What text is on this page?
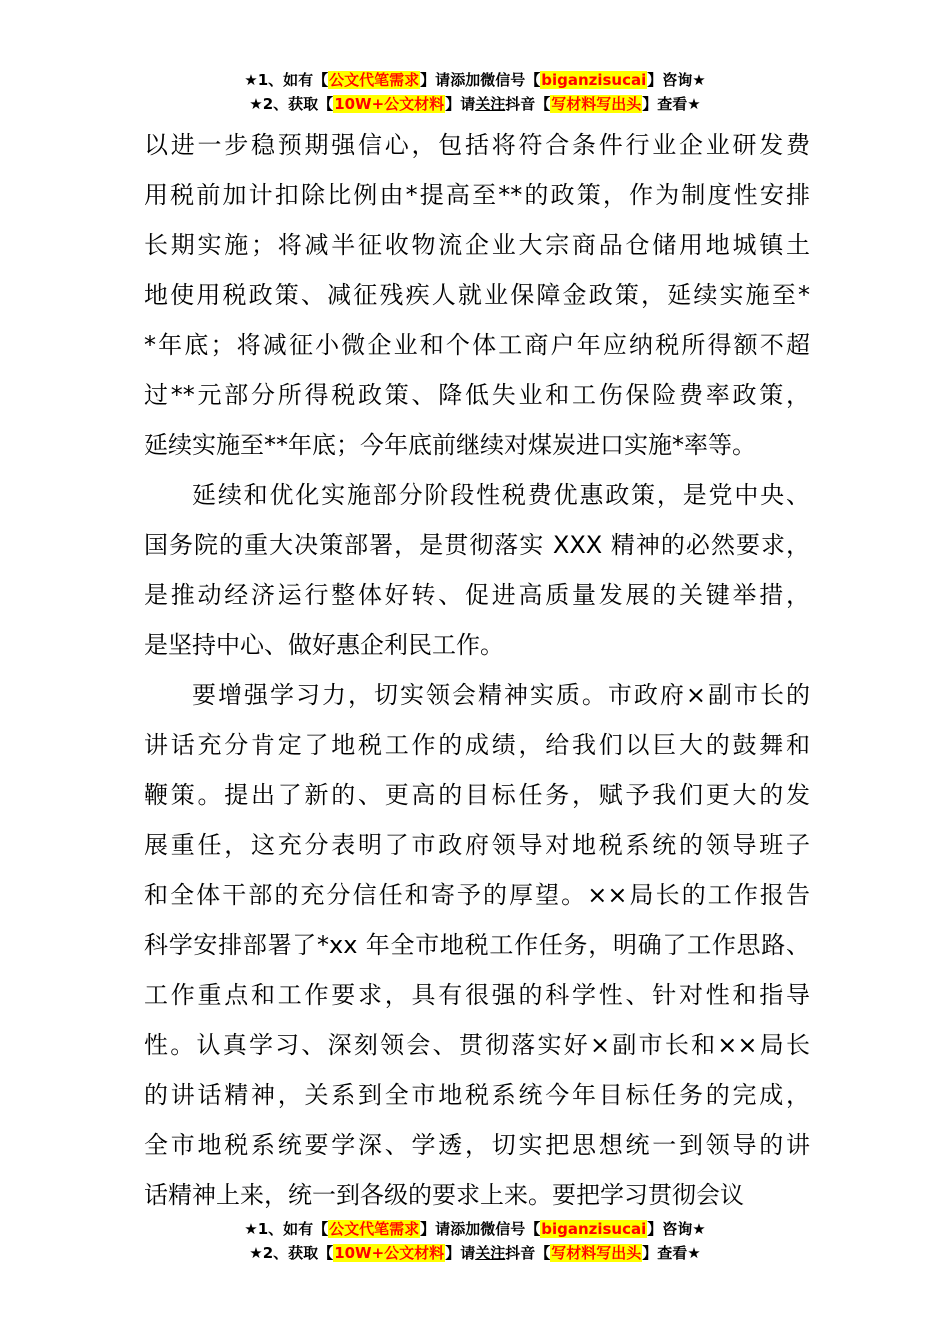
★1、如有【公文代笔需求】请添加微信号【biganzisucai】咨询★
★2、获取【10W+公文材料】请关注抖音【写材料写出头】查看★
以进一步稳预期强信心，包括将符合条件行业企业研发费
用税前加计扣除比例由*提高至**的政策，作为制度性安排
长期实施；将减半征收物流企业大宗商品仓储用地城镇土
地使用税政策、减征残疾人就业保障金政策，延续实施至*
*年底；将减征小微企业和个体工商户年应纳税所得额不超
过**元部分所得税政策、降低失业和工伤保险费率政策，
延续实施至**年底；今年底前继续对煤炭进口实施*率等。
延续和优化实施部分阶段性税费优惠政策，是党中央、
国务院的重大决策部署，是贯彻落实 XXX 精神的必然要求，
是推动经济运行整体好转、促进高质量发展的关键举措，
是坚持中心、做好惠企利民工作。
要增强学习力，切实领会精神实质。市政府×副市长的
讲话充分肯定了地税工作的成绩，给我们以巨大的鼓舞和
鞭策。提出了新的、更高的目标任务，赋予我们更大的发
展重任，这充分表明了市政府领导对地税系统的领导班子
和全体干部的充分信任和寄予的厚望。××局长的工作报告
科学安排部署了*xx 年全市地税工作任务，明确了工作思路、
工作重点和工作要求，具有很强的科学性、针对性和指导
性。认真学习、深刻领会、贯彻落实好×副市长和××局长
的讲话精神，关系到全市地税系统今年目标任务的完成，
全市地税系统要学深、学透，切实把思想统一到领导的讲
话精神上来，统一到各级的要求上来。要把学习贯彻会议
★1、如有【公文代笔需求】请添加微信号【biganzisucai】咨询★
★2、获取【10W+公文材料】请关注抖音【写材料写出头】查看★
